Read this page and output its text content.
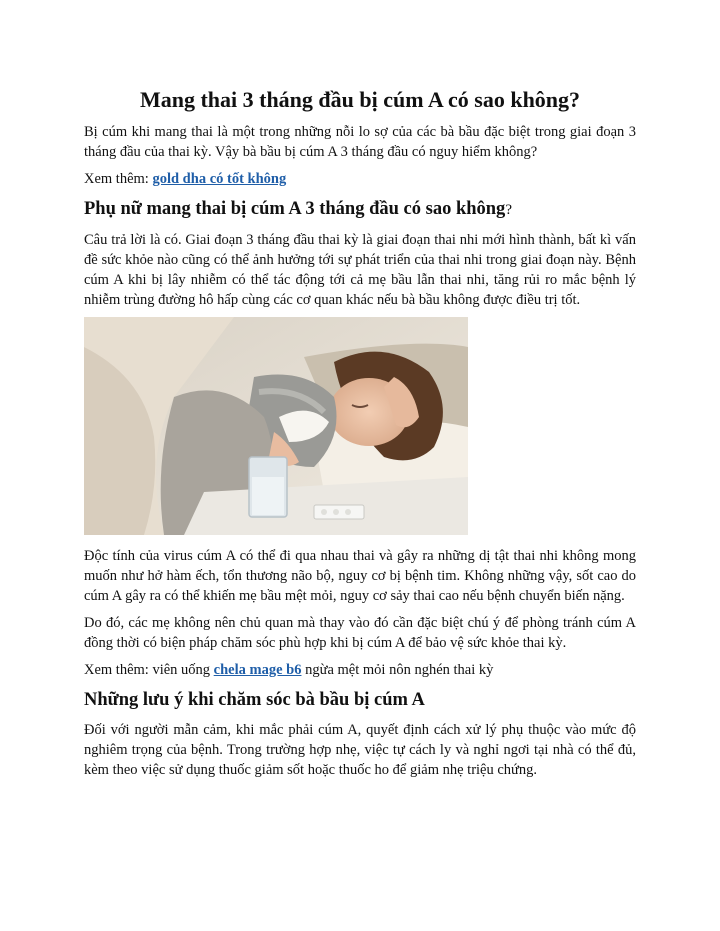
Mang thai 3 tháng đầu bị cúm A có sao không?

Bị cúm khi mang thai là một trong những nỗi lo sợ của các bà bầu đặc biệt trong giai đoạn 3 tháng đầu của thai kỳ. Vậy bà bầu bị cúm A 3 tháng đầu có nguy hiểm không?

Xem thêm: gold dha có tốt không

Phụ nữ mang thai bị cúm A 3 tháng đầu có sao không?

Câu trả lời là có. Giai đoạn 3 tháng đầu thai kỳ là giai đoạn thai nhi mới hình thành, bất kì vấn đề sức khỏe nào cũng có thể ảnh hưởng tới sự phát triển của thai nhi trong giai đoạn này. Bệnh cúm A khi bị lây nhiễm có thể tác động tới cả mẹ bầu lẫn thai nhi, tăng rủi ro mắc bệnh lý nhiễm trùng đường hô hấp cùng các cơ quan khác nếu bà bầu không được điều trị tốt.

Độc tính của virus cúm A có thể đi qua nhau thai và gây ra những dị tật thai nhi không mong muốn như hở hàm ếch, tổn thương não bộ, nguy cơ bị bệnh tim. Không những vậy, sốt cao do cúm A gây ra có thể khiến mẹ bầu mệt mỏi, nguy cơ sảy thai cao nếu bệnh chuyển biến nặng.

Do đó, các mẹ không nên chủ quan mà thay vào đó cần đặc biệt chú ý để phòng tránh cúm A đồng thời có biện pháp chăm sóc phù hợp khi bị cúm A để bảo vệ sức khỏe thai kỳ.

Xem thêm: viên uống chela mage b6 ngừa mệt mỏi nôn nghén thai kỳ

Những lưu ý khi chăm sóc bà bầu bị cúm A

Đối với người mẫn cảm, khi mắc phải cúm A, quyết định cách xử lý phụ thuộc vào mức độ nghiêm trọng của bệnh. Trong trường hợp nhẹ, việc tự cách ly và nghỉ ngơi tại nhà có thể đủ, kèm theo việc sử dụng thuốc giảm sốt hoặc thuốc ho để giảm nhẹ triệu chứng.
